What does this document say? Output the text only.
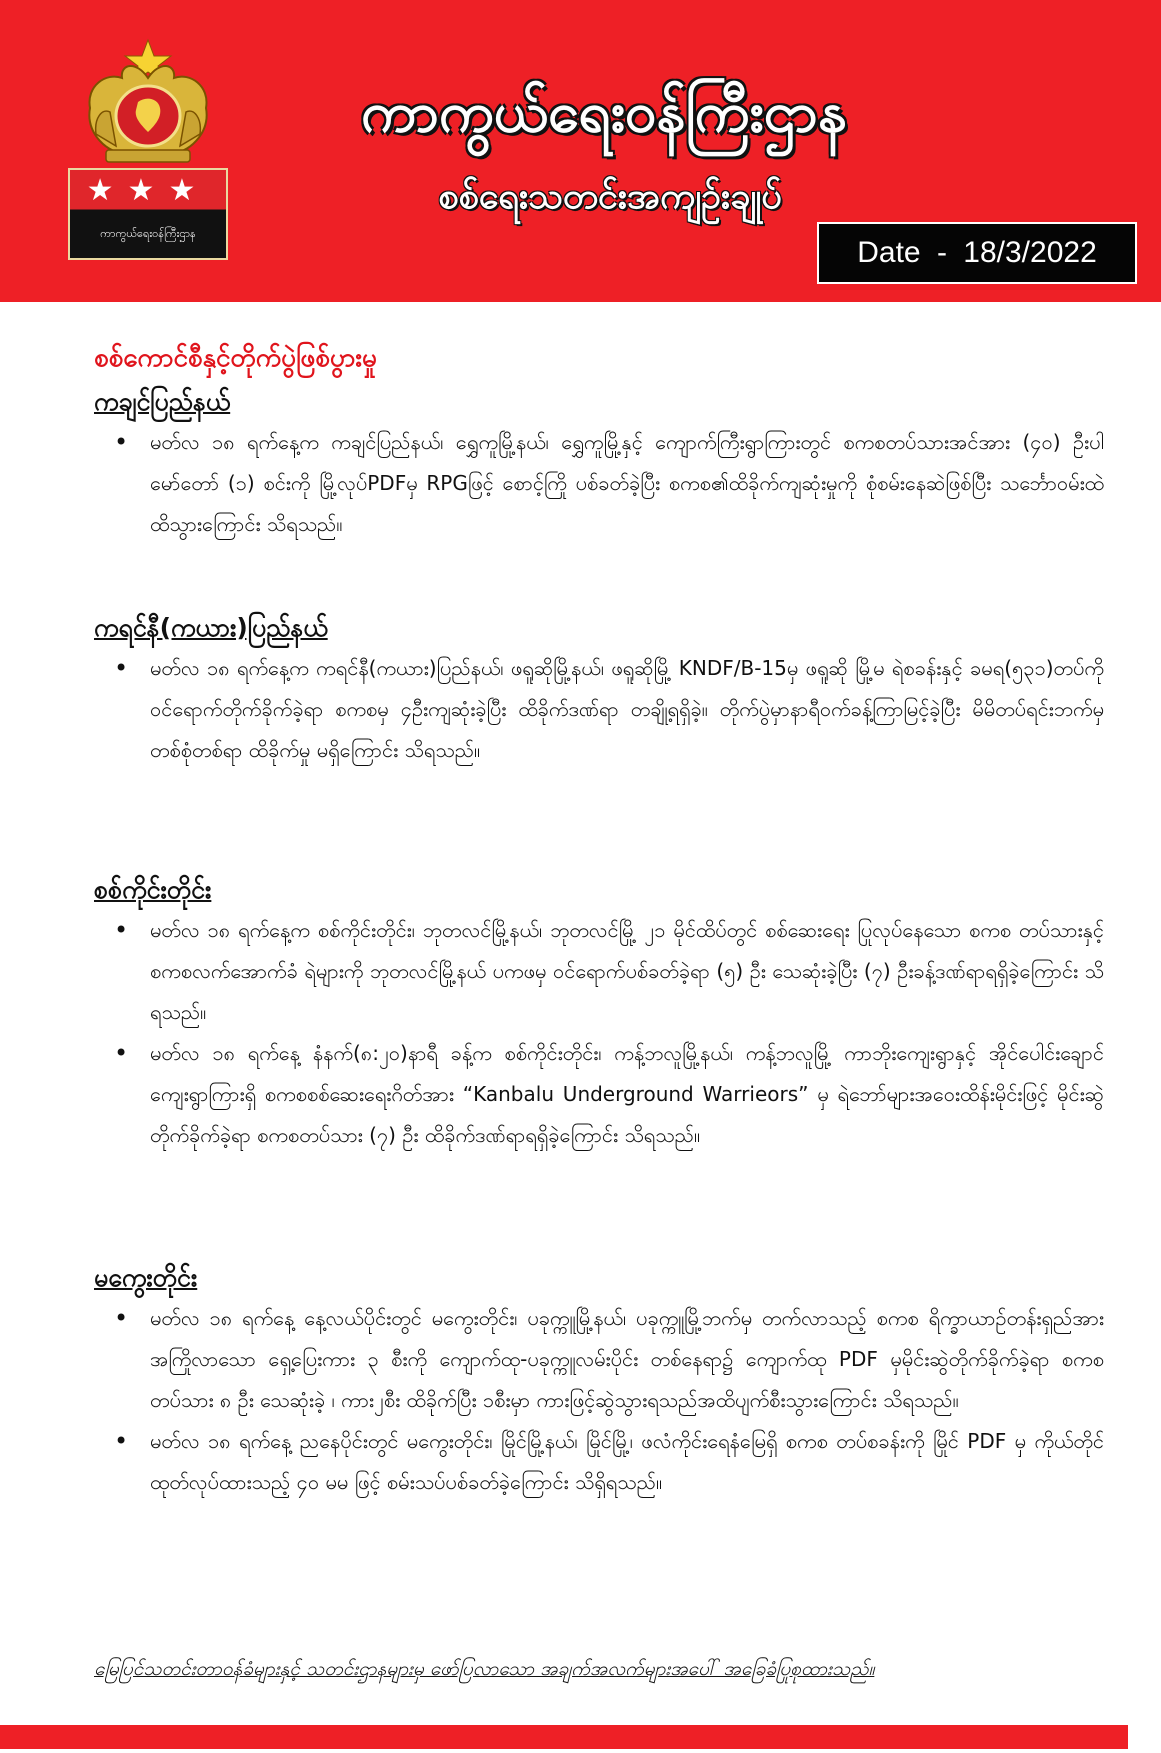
★★★
ကာကွယ်ရေးဝန်ကြီးဌာန
ကာကွယ်ရေးဝန်ကြီးဌာန
စစ်ရေးသတင်းအကျဉ်းချုပ်
Date - 18/3/2022
စစ်ကောင်စီနှင့်တိုက်ပွဲဖြစ်ပွားမှု
ကချင်ပြည်နယ်
• မတ်လ ၁၈ ရက်နေ့က ကချင်ပြည်နယ်၊ ရွှေကူမြို့နယ်၊ ရွှေကူမြို့နှင့် ကျောက်ကြီးရွာကြားတွင် စကစတပ်သားအင်အား (၄၀) ဦးပါ မော်တော် (၁) စင်းကို မြို့လုပ်PDFမှ RPGဖြင့် စောင့်ကြို ပစ်ခတ်ခဲ့ပြီး စကစ၏ထိခိုက်ကျဆုံးမှုကို စုံစမ်းနေဆဲဖြစ်ပြီး သင်္ဘောဝမ်းထဲ ထိသွားကြောင်း သိရသည်။
ကရင်နီ(ကယား)ပြည်နယ်
• မတ်လ ၁၈ ရက်နေ့က ကရင်နီ(ကယား)ပြည်နယ်၊ ဖရူဆိုမြို့နယ်၊ ဖရူဆိုမြို့ KNDF/B-15မှ ဖရူဆို မြို့မ ရဲစခန်းနှင့် ခမရ(၅၃၁)တပ်ကို ဝင်ရောက်တိုက်ခိုက်ခဲ့ရာ စကစမှ ၄ဦးကျဆုံးခဲ့ပြီး ထိခိုက်ဒဏ်ရာ တချို့ရရှိခဲ့။ တိုက်ပွဲမှာနာရီဝက်ခန့်ကြာမြင့်ခဲ့ပြီး မိမိတပ်ရင်းဘက်မှ တစ်စုံတစ်ရာ ထိခိုက်မှု မရှိကြောင်း သိရသည်။
စစ်ကိုင်းတိုင်း
• မတ်လ ၁၈ ရက်နေ့က စစ်ကိုင်းတိုင်း၊ ဘုတလင်မြို့နယ်၊ ဘုတလင်မြို့ ၂၁ မိုင်ထိပ်တွင် စစ်ဆေးရေး ပြုလုပ်နေသော စကစ တပ်သားနှင့် စကစလက်အောက်ခံ ရဲများကို ဘုတလင်မြို့နယ် ပကဖမှ ဝင်ရောက်ပစ်ခတ်ခဲ့ရာ (၅) ဦး သေဆုံးခဲ့ပြီး (၇) ဦးခန့်ဒဏ်ရာရရှိခဲ့ကြောင်း သိရသည်။
• မတ်လ ၁၈ ရက်နေ့ နံနက်(၈:၂၀)နာရီ ခန့်က စစ်ကိုင်းတိုင်း၊ ကန့်ဘလူမြို့နယ်၊ ကန့်ဘလူမြို့ ကာဘိုးကျေးရွာနှင့် အိုင်ပေါင်းချောင်ကျေးရွာကြားရှိ စကစစစ်ဆေးရေးဂိတ်အား “Kanbalu Underground Warrieors” မှ ရဲဘော်များအဝေးထိန်းမိုင်းဖြင့် မိုင်းဆွဲတိုက်ခိုက်ခဲ့ရာ စကစတပ်သား (၇) ဦး ထိခိုက်ဒဏ်ရာရရှိခဲ့ကြောင်း သိရသည်။
မကွေးတိုင်း
• မတ်လ ၁၈ ရက်နေ့ နေ့လယ်ပိုင်းတွင် မကွေးတိုင်း၊ ပခုက္ကူမြို့နယ်၊ ပခုက္ကူမြို့ဘက်မှ တက်လာသည့် စကစ ရိက္ခာယာဉ်တန်းရှည်အား အကြိုလာသော ရှေ့ပြေးကား ၃ စီးကို ကျောက်ထု-ပခုက္ကူလမ်းပိုင်း တစ်နေရာ၌ ကျောက်ထု PDF မှမိုင်းဆွဲတိုက်ခိုက်ခဲ့ရာ စကစ တပ်သား ၈ ဦး သေဆုံးခဲ့ ၊ ကား၂စီး ထိခိုက်ပြီး ၁စီးမှာ ကားဖြင့်ဆွဲသွားရသည်အထိပျက်စီးသွားကြောင်း သိရသည်။
• မတ်လ ၁၈ ရက်နေ့ ညနေပိုင်းတွင် မကွေးတိုင်း၊ မြိုင်မြို့နယ်၊ မြိုင်မြို့၊ ဖလံကိုင်းရေနံမြေရှိ စကစ တပ်စခန်းကို မြိုင် PDF မှ ကိုယ်တိုင်ထုတ်လုပ်ထားသည့် ၄၀ မမ ဖြင့် စမ်းသပ်ပစ်ခတ်ခဲ့ကြောင်း သိရှိရသည်။
မြေပြင်သတင်းတာဝန်ခံများနှင့် သတင်းဌာနများမှ ဖော်ပြလာသော အချက်အလက်များအပေါ် အခြေခံပြုစုထားသည်။
